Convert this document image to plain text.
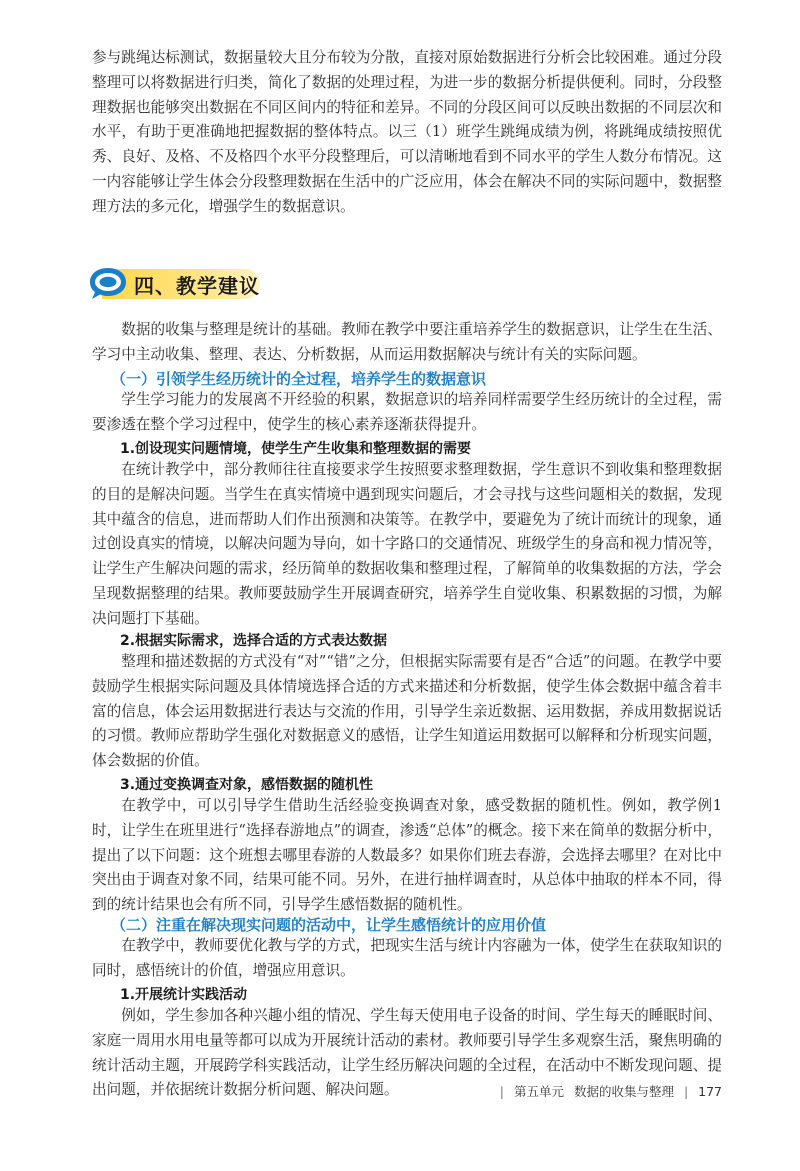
参与跳绳达标测试，数据量较大且分布较为分散，直接对原始数据进行分析会比较困难。通过分段整理可以将数据进行归类，简化了数据的处理过程，为进一步的数据分析提供便利。同时，分段整理数据也能够突出数据在不同区间内的特征和差异。不同的分段区间可以反映出数据的不同层次和水平，有助于更准确地把握数据的整体特点。以三（1）班学生跳绳成绩为例，将跳绳成绩按照优秀、良好、及格、不及格四个水平分段整理后，可以清晰地看到不同水平的学生人数分布情况。这一内容能够让学生体会分段整理数据在生活中的广泛应用，体会在解决不同的实际问题中，数据整理方法的多元化，增强学生的数据意识。

四、教学建议

数据的收集与整理是统计的基础。教师在教学中要注重培养学生的数据意识，让学生在生活、学习中主动收集、整理、表达、分析数据，从而运用数据解决与统计有关的实际问题。

（一）引领学生经历统计的全过程，培养学生的数据意识

学生学习能力的发展离不开经验的积累，数据意识的培养同样需要学生经历统计的全过程，需要渗透在整个学习过程中，使学生的核心素养逐渐获得提升。

1.创设现实问题情境，使学生产生收集和整理数据的需要

在统计教学中，部分教师往往直接要求学生按照要求整理数据，学生意识不到收集和整理数据的目的是解决问题。当学生在真实情境中遇到现实问题后，才会寻找与这些问题相关的数据，发现其中蕴含的信息，进而帮助人们作出预测和决策等。在教学中，要避免为了统计而统计的现象，通过创设真实的情境，以解决问题为导向，如十字路口的交通情况、班级学生的身高和视力情况等，让学生产生解决问题的需求，经历简单的数据收集和整理过程，了解简单的收集数据的方法，学会呈现数据整理的结果。教师要鼓励学生开展调查研究，培养学生自觉收集、积累数据的习惯，为解决问题打下基础。

2.根据实际需求，选择合适的方式表达数据

整理和描述数据的方式没有“对”“错”之分，但根据实际需要有是否“合适”的问题。在教学中要鼓励学生根据实际问题及具体情境选择合适的方式来描述和分析数据，使学生体会数据中蕴含着丰富的信息，体会运用数据进行表达与交流的作用，引导学生亲近数据、运用数据，养成用数据说话的习惯。教师应帮助学生强化对数据意义的感悟，让学生知道运用数据可以解释和分析现实问题，体会数据的价值。

3.通过变换调查对象，感悟数据的随机性

在教学中，可以引导学生借助生活经验变换调查对象，感受数据的随机性。例如，教学例1时，让学生在班里进行“选择春游地点”的调查，渗透“总体”的概念。接下来在简单的数据分析中，提出了以下问题：这个班想去哪里春游的人数最多？如果你们班去春游，会选择去哪里？在对比中突出由于调查对象不同，结果可能不同。另外，在进行抽样调查时，从总体中抽取的样本不同，得到的统计结果也会有所不同，引导学生感悟数据的随机性。

（二）注重在解决现实问题的活动中，让学生感悟统计的应用价值

在教学中，教师要优化教与学的方式，把现实生活与统计内容融为一体，使学生在获取知识的同时，感悟统计的价值，增强应用意识。

1.开展统计实践活动

例如，学生参加各种兴趣小组的情况、学生每天使用电子设备的时间、学生每天的睡眠时间、家庭一周用水用电量等都可以成为开展统计活动的素材。教师要引导学生多观察生活，聚焦明确的统计活动主题，开展跨学科实践活动，让学生经历解决问题的全过程，在活动中不断发现问题、提出问题，并依据统计数据分析问题、解决问题。	| 第五单元 数据的收集与整理 | 177
